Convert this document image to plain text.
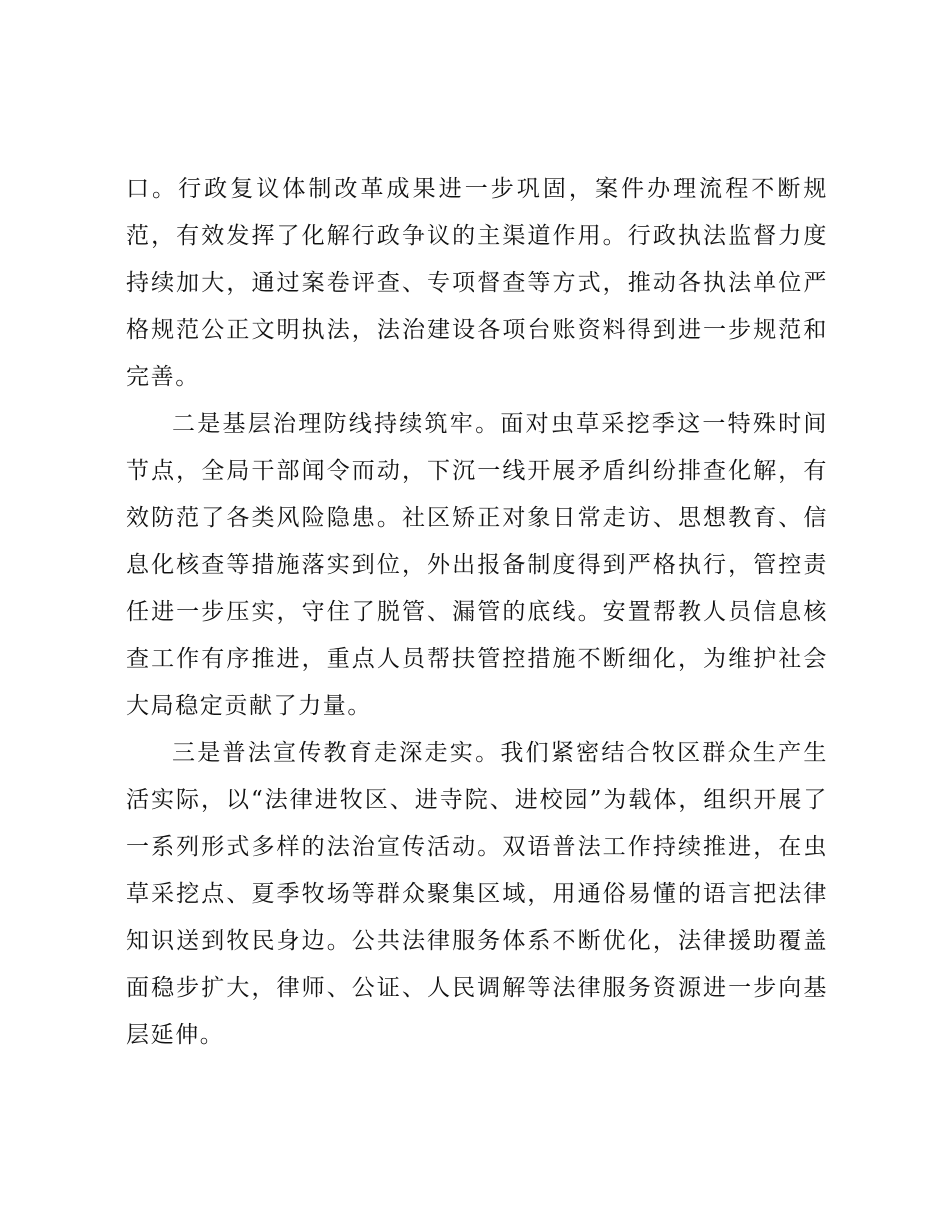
口。行政复议体制改革成果进一步巩固，案件办理流程不断规范，有效发挥了化解行政争议的主渠道作用。行政执法监督力度持续加大，通过案卷评查、专项督查等方式，推动各执法单位严格规范公正文明执法，法治建设各项台账资料得到进一步规范和完善。

二是基层治理防线持续筑牢。面对虫草采挖季这一特殊时间节点，全局干部闻令而动，下沉一线开展矛盾纠纷排查化解，有效防范了各类风险隐患。社区矫正对象日常走访、思想教育、信息化核查等措施落实到位，外出报备制度得到严格执行，管控责任进一步压实，守住了脱管、漏管的底线。安置帮教人员信息核查工作有序推进，重点人员帮扶管控措施不断细化，为维护社会大局稳定贡献了力量。

三是普法宣传教育走深走实。我们紧密结合牧区群众生产生活实际，以“法律进牧区、进寺院、进校园”为载体，组织开展了一系列形式多样的法治宣传活动。双语普法工作持续推进，在虫草采挖点、夏季牧场等群众聚集区域，用通俗易懂的语言把法律知识送到牧民身边。公共法律服务体系不断优化，法律援助覆盖面稳步扩大，律师、公证、人民调解等法律服务资源进一步向基层延伸。
